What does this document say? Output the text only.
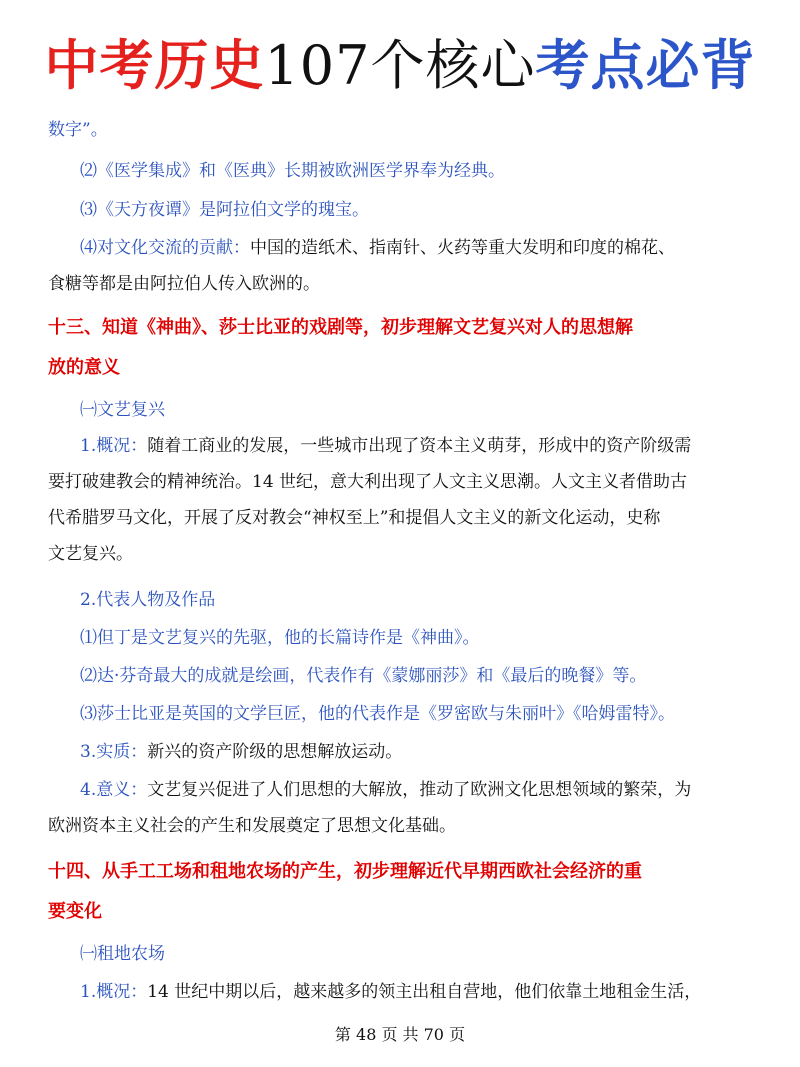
中考历史107个核心考点必背

数字”。

⑵《医学集成》和《医典》长期被欧洲医学界奉为经典。

⑶《天方夜谭》是阿拉伯文学的瑰宝。

⑷对文化交流的贡献：中国的造纸术、指南针、火药等重大发明和印度的棉花、

食糖等都是由阿拉伯人传入欧洲的。

十三、知道《神曲》、莎士比亚的戏剧等，初步理解文艺复兴对人的思想解

放的意义

㈠文艺复兴

1.概况：随着工商业的发展，一些城市出现了资本主义萌芽，形成中的资产阶级需

要打破建教会的精神统治。14 世纪，意大利出现了人文主义思潮。人文主义者借助古

代希腊罗马文化，开展了反对教会“神权至上”和提倡人文主义的新文化运动，史称

文艺复兴。

2.代表人物及作品

⑴但丁是文艺复兴的先驱，他的长篇诗作是《神曲》。

⑵达·芬奇最大的成就是绘画，代表作有《蒙娜丽莎》和《最后的晚餐》等。

⑶莎士比亚是英国的文学巨匠，他的代表作是《罗密欧与朱丽叶》《哈姆雷特》。

3.实质：新兴的资产阶级的思想解放运动。

4.意义：文艺复兴促进了人们思想的大解放，推动了欧洲文化思想领域的繁荣，为

欧洲资本主义社会的产生和发展奠定了思想文化基础。

十四、从手工工场和租地农场的产生，初步理解近代早期西欧社会经济的重

要变化

㈠租地农场

1.概况：14 世纪中期以后，越来越多的领主出租自营地，他们依靠土地租金生活，

第 48 页 共 70 页
